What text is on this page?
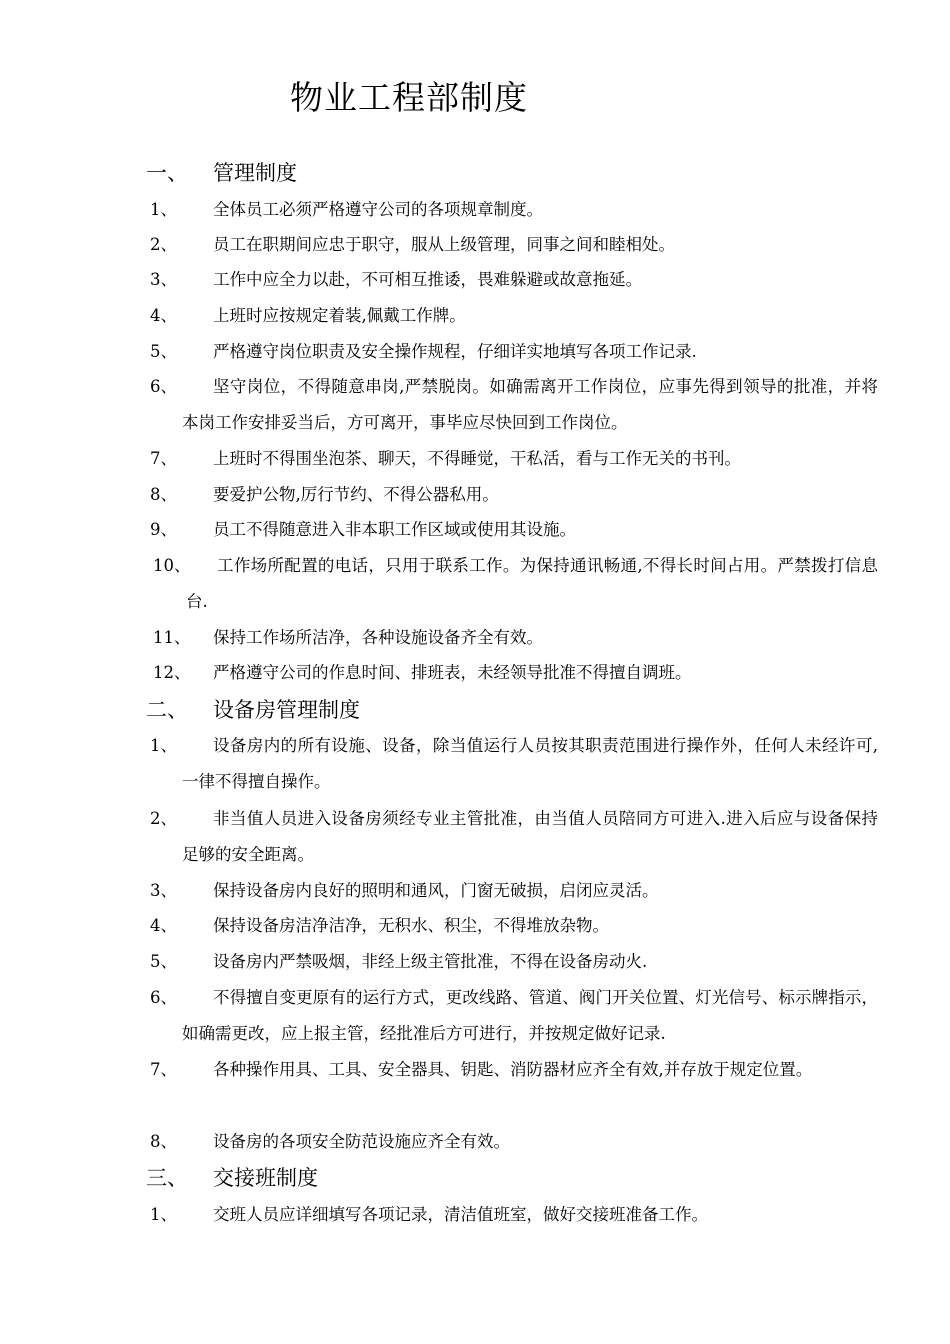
物业工程部制度
一、 管理制度
1、	全体员工必须严格遵守公司的各项规章制度。
2、	员工在职期间应忠于职守，服从上级管理，同事之间和睦相处。
3、	工作中应全力以赴，不可相互推诿，畏难躲避或故意拖延。
4、	上班时应按规定着装,佩戴工作牌。
5、	严格遵守岗位职责及安全操作规程，仔细详实地填写各项工作记录.
6、	坚守岗位，不得随意串岗,严禁脱岗。如确需离开工作岗位，应事先得到领导的批准，并将本岗工作安排妥当后，方可离开，事毕应尽快回到工作岗位。
7、	上班时不得围坐泡茶、聊天，不得睡觉，干私活，看与工作无关的书刊。
8、	要爱护公物,厉行节约、不得公器私用。
9、	员工不得随意进入非本职工作区域或使用其设施。
10、	工作场所配置的电话，只用于联系工作。为保持通讯畅通,不得长时间占用。严禁拨打信息台.
11、	保持工作场所洁净，各种设施设备齐全有效。
12、	严格遵守公司的作息时间、排班表，未经领导批准不得擅自调班。
二、 设备房管理制度
1、	设备房内的所有设施、设备，除当值运行人员按其职责范围进行操作外，任何人未经许可,一律不得擅自操作。
2、	非当值人员进入设备房须经专业主管批准，由当值人员陪同方可进入.进入后应与设备保持足够的安全距离。
3、	保持设备房内良好的照明和通风，门窗无破损，启闭应灵活。
4、	保持设备房洁净洁净，无积水、积尘，不得堆放杂物。
5、	设备房内严禁吸烟，非经上级主管批准，不得在设备房动火.
6、	不得擅自变更原有的运行方式，更改线路、管道、阀门开关位置、灯光信号、标示牌指示，如确需更改，应上报主管，经批准后方可进行，并按规定做好记录.
7、	各种操作用具、工具、安全器具、钥匙、消防器材应齐全有效,并存放于规定位置。
8、	设备房的各项安全防范设施应齐全有效。
三、 交接班制度
1、	交班人员应详细填写各项记录，清洁值班室，做好交接班准备工作。
